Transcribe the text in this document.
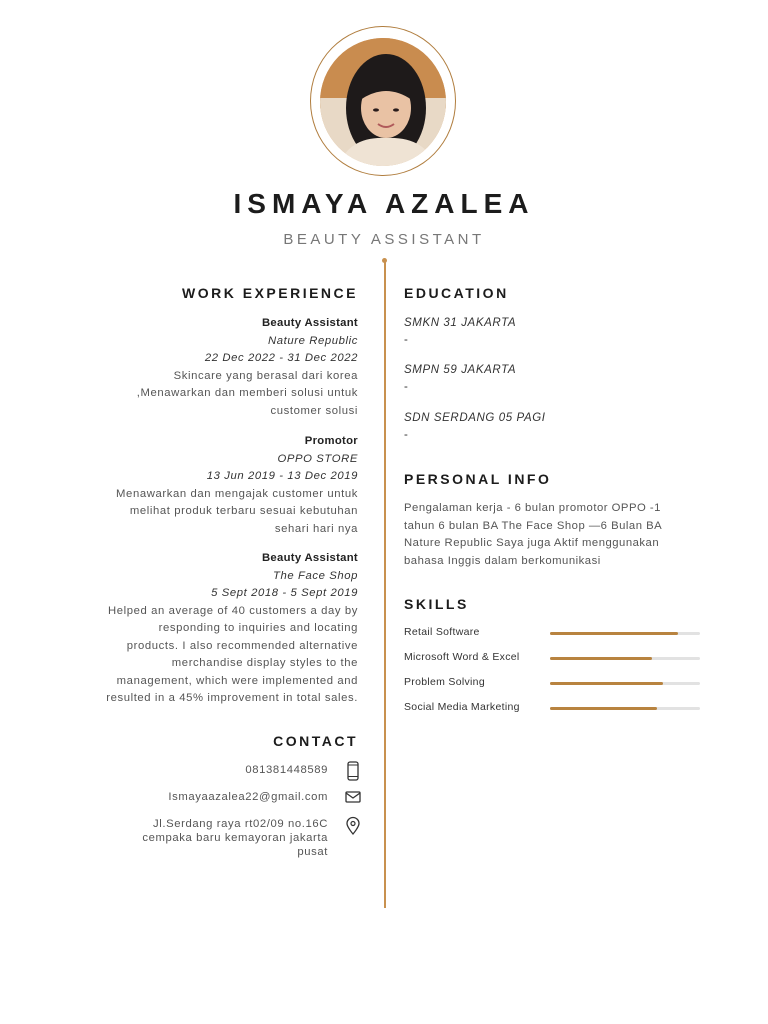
ISMAYA AZALEA
BEAUTY ASSISTANT
WORK EXPERIENCE
Beauty Assistant
Nature Republic
22 Dec 2022 - 31 Dec 2022
Skincare yang berasal dari korea
,Menawarkan dan memberi solusi untuk
customer solusi
Promotor
OPPO STORE
13 Jun 2019 - 13 Dec 2019
Menawarkan dan mengajak customer untuk
melihat produk terbaru sesuai kebutuhan
sehari hari nya
Beauty Assistant
The Face Shop
5 Sept 2018 - 5 Sept 2019
Helped an average of 40 customers a day by
responding to inquiries and locating
products. I also recommended alternative
merchandise display styles to the
management, which were implemented and
resulted in a 45% improvement in total sales.
CONTACT
081381448589
Ismayaazalea22@gmail.com
Jl.Serdang raya rt02/09 no.16C
cempaka baru kemayoran jakarta
pusat
EDUCATION
SMKN 31 JAKARTA
-
SMPN 59 JAKARTA
-
SDN SERDANG 05 PAGI
-
PERSONAL INFO
Pengalaman kerja - 6 bulan promotor OPPO -1
tahun 6 bulan BA The Face Shop —6 Bulan BA
Nature Republic Saya juga Aktif menggunakan
bahasa Inggis dalam berkomunikasi
SKILLS
Retail Software
Microsoft Word & Excel
Problem Solving
Social Media Marketing
